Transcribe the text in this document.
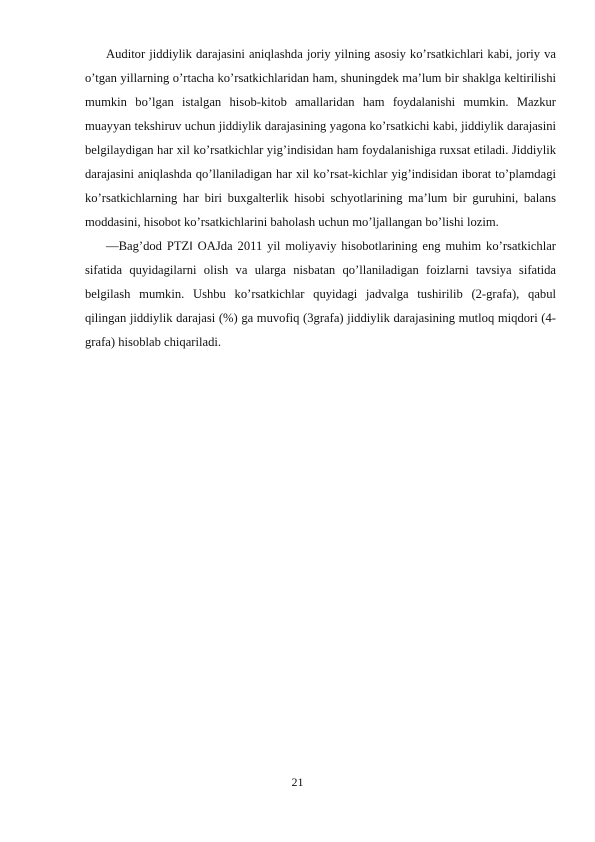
Auditor jiddiylik darajasini aniqlashda joriy yilning asosiy ko’rsatkichlari kabi, joriy va o’tgan yillarning o’rtacha ko’rsatkichlaridan ham, shuningdek ma’lum bir shaklga keltirilishi mumkin bo’lgan istalgan hisob-kitob amallaridan ham foydalanishi mumkin. Mazkur muayyan tekshiruv uchun jiddiylik darajasining yagona ko’rsatkichi kabi, jiddiylik darajasini belgilaydigan har xil ko’rsatkichlar yig’indisidan ham foydalanishiga ruxsat etiladi. Jiddiylik darajasini aniqlashda qo’llaniladigan har xil ko’rsat-kichlar yig’indisidan iborat to’plamdagi ko’rsatkichlarning har biri buxgalterlik hisobi schyotlarining ma’lum bir guruhini, balans moddasini, hisobot ko’rsatkichlarini baholash uchun mo’ljallangan bo’lishi lozim.

―Bag’dod PTZǁ OAJda 2011 yil moliyaviy hisobotlarining eng muhim ko’rsatkichlar sifatida quyidagilarni olish va ularga nisbatan qo’llaniladigan foizlarni tavsiya sifatida belgilash mumkin. Ushbu ko’rsatkichlar quyidagi jadvalga tushirilib (2-grafa), qabul qilingan jiddiylik darajasi (%) ga muvofiq (3grafa) jiddiylik darajasining mutloq miqdori (4-grafa) hisoblab chiqariladi.

21
